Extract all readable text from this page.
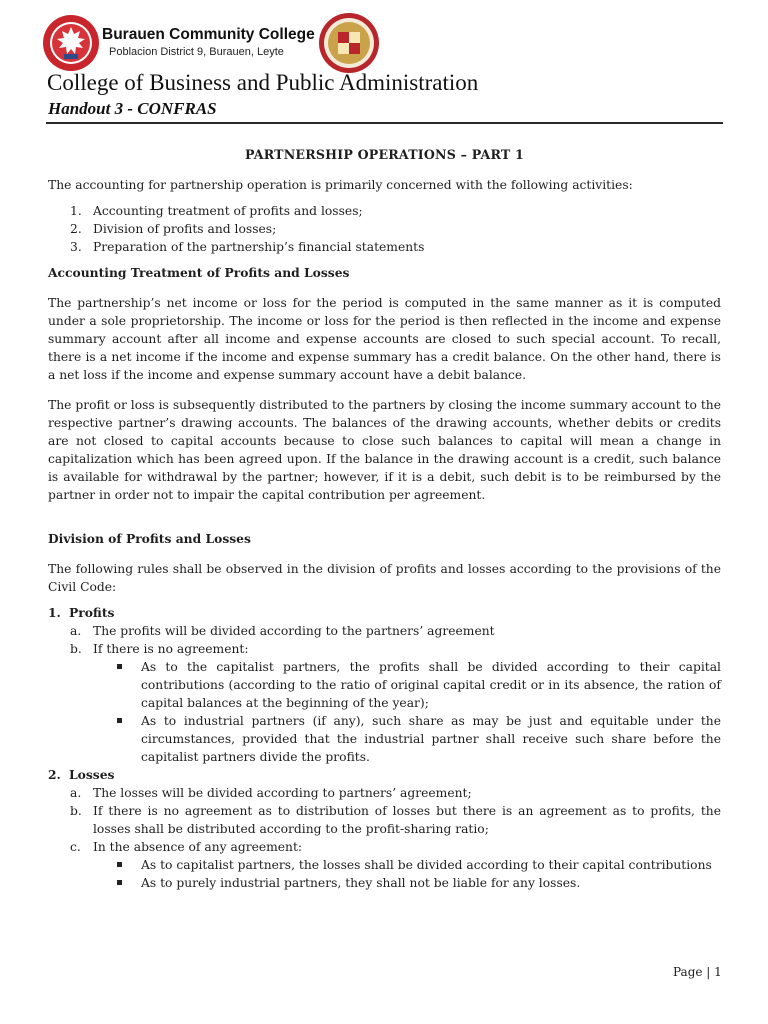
Burauen Community College
Poblacion District 9, Burauen, Leyte
College of Business and Public Administration
Handout 3 - CONFRAS

PARTNERSHIP OPERATIONS – PART 1

The accounting for partnership operation is primarily concerned with the following activities:

1. Accounting treatment of profits and losses;
2. Division of profits and losses;
3. Preparation of the partnership’s financial statements

Accounting Treatment of Profits and Losses

The partnership’s net income or loss for the period is computed in the same manner as it is computed under a sole proprietorship. The income or loss for the period is then reflected in the income and expense summary account after all income and expense accounts are closed to such special account. To recall, there is a net income if the income and expense summary has a credit balance. On the other hand, there is a net loss if the income and expense summary account have a debit balance.

The profit or loss is subsequently distributed to the partners by closing the income summary account to the respective partner’s drawing accounts. The balances of the drawing accounts, whether debits or credits are not closed to capital accounts because to close such balances to capital will mean a change in capitalization which has been agreed upon. If the balance in the drawing account is a credit, such balance is available for withdrawal by the partner; however, if it is a debit, such debit is to be reimbursed by the partner in order not to impair the capital contribution per agreement.

Division of Profits and Losses

The following rules shall be observed in the division of profits and losses according to the provisions of the Civil Code:

1. Profits
a. The profits will be divided according to the partners’ agreement
b. If there is no agreement:
As to the capitalist partners, the profits shall be divided according to their capital contributions (according to the ratio of original capital credit or in its absence, the ration of capital balances at the beginning of the year);
As to industrial partners (if any), such share as may be just and equitable under the circumstances, provided that the industrial partner shall receive such share before the capitalist partners divide the profits.
2. Losses
a. The losses will be divided according to partners’ agreement;
b. If there is no agreement as to distribution of losses but there is an agreement as to profits, the losses shall be distributed according to the profit-sharing ratio;
c. In the absence of any agreement:
As to capitalist partners, the losses shall be divided according to their capital contributions
As to purely industrial partners, they shall not be liable for any losses.
Page | 1
